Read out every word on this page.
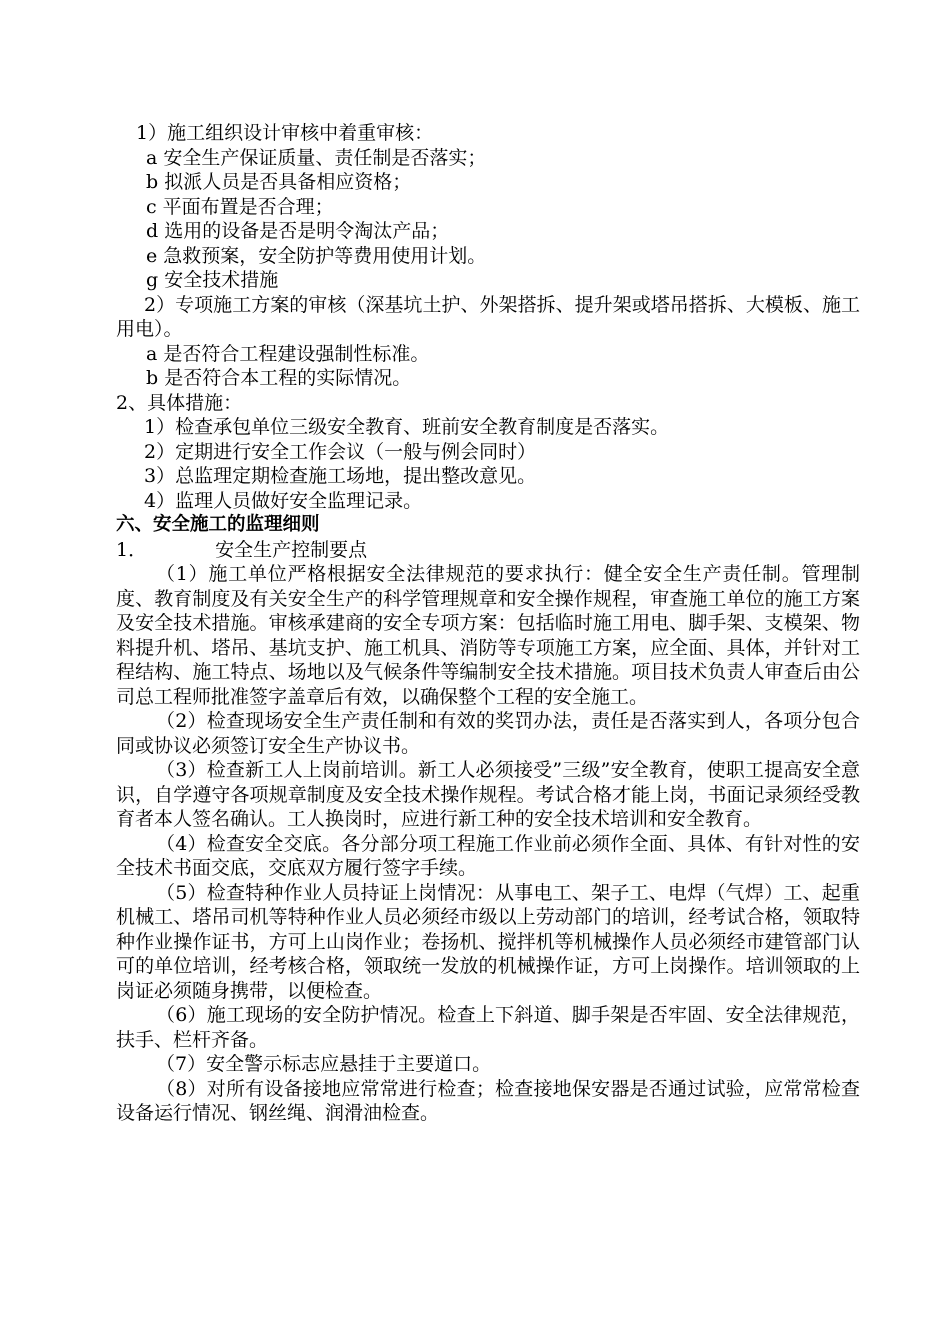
1）施工组织设计审核中着重审核：
a 安全生产保证质量、责任制是否落实；
b 拟派人员是否具备相应资格；
c 平面布置是否合理；
d 选用的设备是否是明令淘汰产品；
e 急救预案，安全防护等费用使用计划。
g 安全技术措施
2）专项施工方案的审核（深基坑土护、外架搭拆、提升架或塔吊搭拆、大模板、施工用电）。
a 是否符合工程建设强制性标准。
b 是否符合本工程的实际情况。
2、具体措施：
1）检查承包单位三级安全教育、班前安全教育制度是否落实。
2）定期进行安全工作会议（一般与例会同时）
3）总监理定期检查施工场地，提出整改意见。
4）监理人员做好安全监理记录。
六、安全施工的监理细则
1．	安全生产控制要点
（1）施工单位严格根据安全法律规范的要求执行：健全安全生产责任制。管理制度、教育制度及有关安全生产的科学管理规章和安全操作规程，审查施工单位的施工方案及安全技术措施。审核承建商的安全专项方案：包括临时施工用电、脚手架、支模架、物料提升机、塔吊、基坑支护、施工机具、消防等专项施工方案，应全面、具体，并针对工程结构、施工特点、场地以及气候条件等编制安全技术措施。项目技术负责人审查后由公司总工程师批准签字盖章后有效，以确保整个工程的安全施工。
（2）检查现场安全生产责任制和有效的奖罚办法，责任是否落实到人，各项分包合同或协议必须签订安全生产协议书。
（3）检查新工人上岗前培训。新工人必须接受”三级”安全教育，使职工提高安全意识，自学遵守各项规章制度及安全技术操作规程。考试合格才能上岗，书面记录须经受教育者本人签名确认。工人换岗时，应进行新工种的安全技术培训和安全教育。
（4）检查安全交底。各分部分项工程施工作业前必须作全面、具体、有针对性的安全技术书面交底，交底双方履行签字手续。
（5）检查特种作业人员持证上岗情况：从事电工、架子工、电焊（气焊）工、起重机械工、塔吊司机等特种作业人员必须经市级以上劳动部门的培训，经考试合格，领取特种作业操作证书，方可上山岗作业；卷扬机、搅拌机等机械操作人员必须经市建管部门认可的单位培训，经考核合格，领取统一发放的机械操作证，方可上岗操作。培训领取的上岗证必须随身携带，以便检查。
（6）施工现场的安全防护情况。检查上下斜道、脚手架是否牢固、安全法律规范，扶手、栏杆齐备。
（7）安全警示标志应悬挂于主要道口。
（8）对所有设备接地应常常进行检查；检查接地保安器是否通过试验，应常常检查设备运行情况、钢丝绳、润滑油检查。
